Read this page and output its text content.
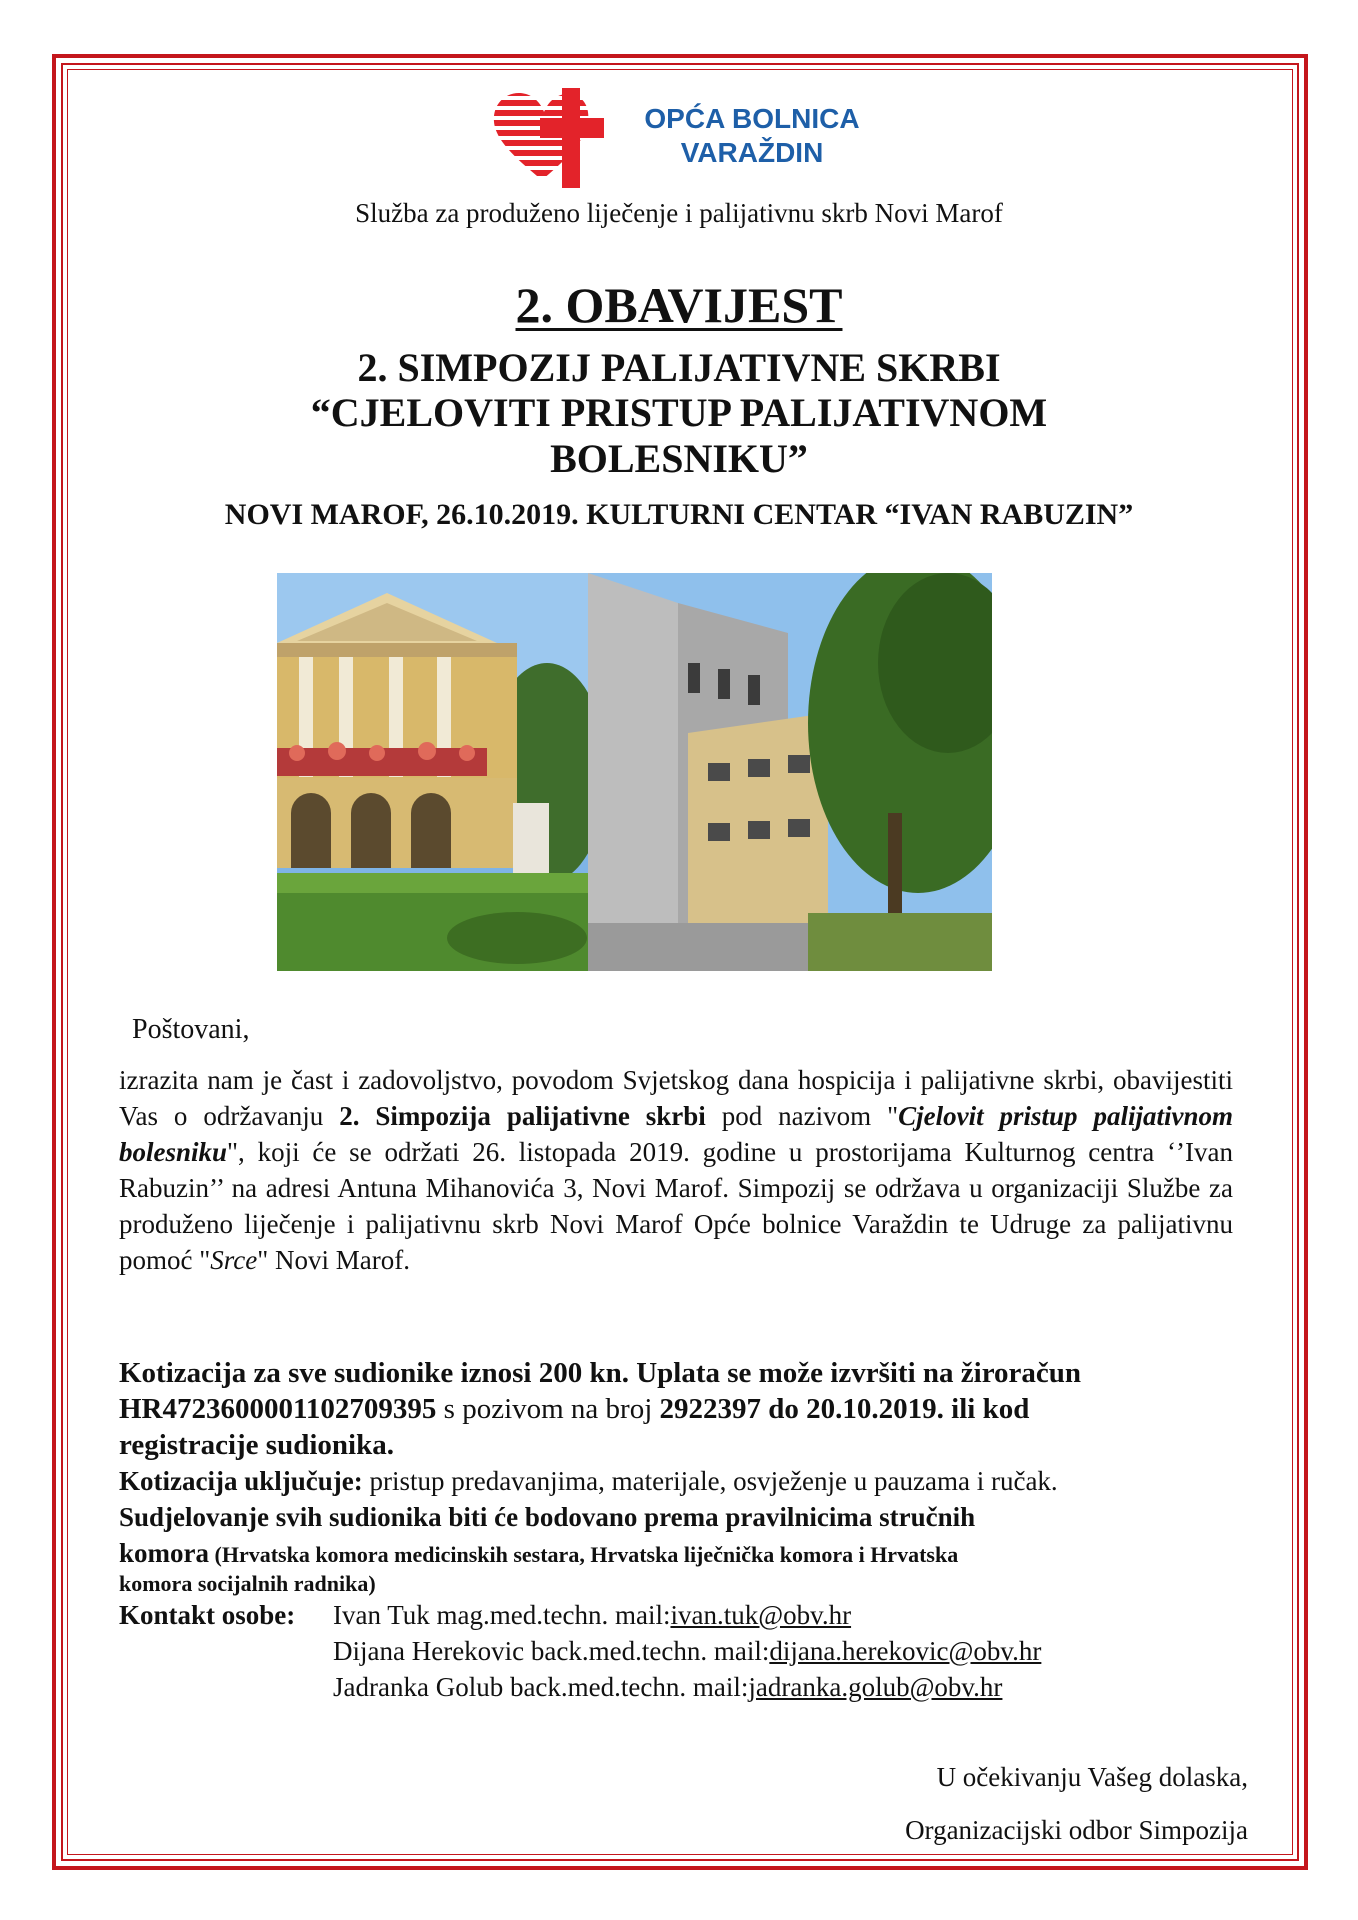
OPĆA BOLNICA
VARAŽDIN
Služba za produženo liječenje i palijativnu skrb Novi Marof
2. OBAVIJEST
2. SIMPOZIJ PALIJATIVNE SKRBI
“CJELOVITI PRISTUP PALIJATIVNOM BOLESNIKU”
NOVI MAROF, 26.10.2019. KULTURNI CENTAR “IVAN RABUZIN”
Poštovani,
izrazita nam je čast i zadovoljstvo, povodom Svjetskog dana hospicija i palijativne skrbi, obavijestiti Vas o održavanju 2. Simpozija palijativne skrbi pod nazivom "Cjelovit pristup palijativnom bolesniku", koji će se održati 26. listopada 2019. godine u prostorijama Kulturnog centra ‘’Ivan Rabuzin’’ na adresi Antuna Mihanovića 3, Novi Marof. Simpozij se održava u organizaciji Službe za produženo liječenje i palijativnu skrb Novi Marof Opće bolnice Varaždin te Udruge za palijativnu pomoć "Srce" Novi Marof.

Kotizacija za sve sudionike iznosi 200 kn. Uplata se može izvršiti na žiroračun

HR4723600001102709395 s pozivom na broj 2922397 do 20.10.2019. ili kod

registracije sudionika.

Kotizacija uključuje: pristup predavanjima, materijale, osvježenje u pauzama i ručak.

Sudjelovanje svih sudionika biti će bodovano prema pravilnicima stručnih

komora (Hrvatska komora medicinskih sestara, Hrvatska liječnička komora i Hrvatska

komora socijalnih radnika)

Kontakt osobe:	Ivan Tuk mag.med.techn. mail: ivan.tuk@obv.hr
Dijana Herekovic back.med.techn. mail: dijana.herekovic@obv.hr
Jadranka Golub back.med.techn. mail: jadranka.golub@obv.hr
U očekivanju Vašeg dolaska,
Organizacijski odbor Simpozija
